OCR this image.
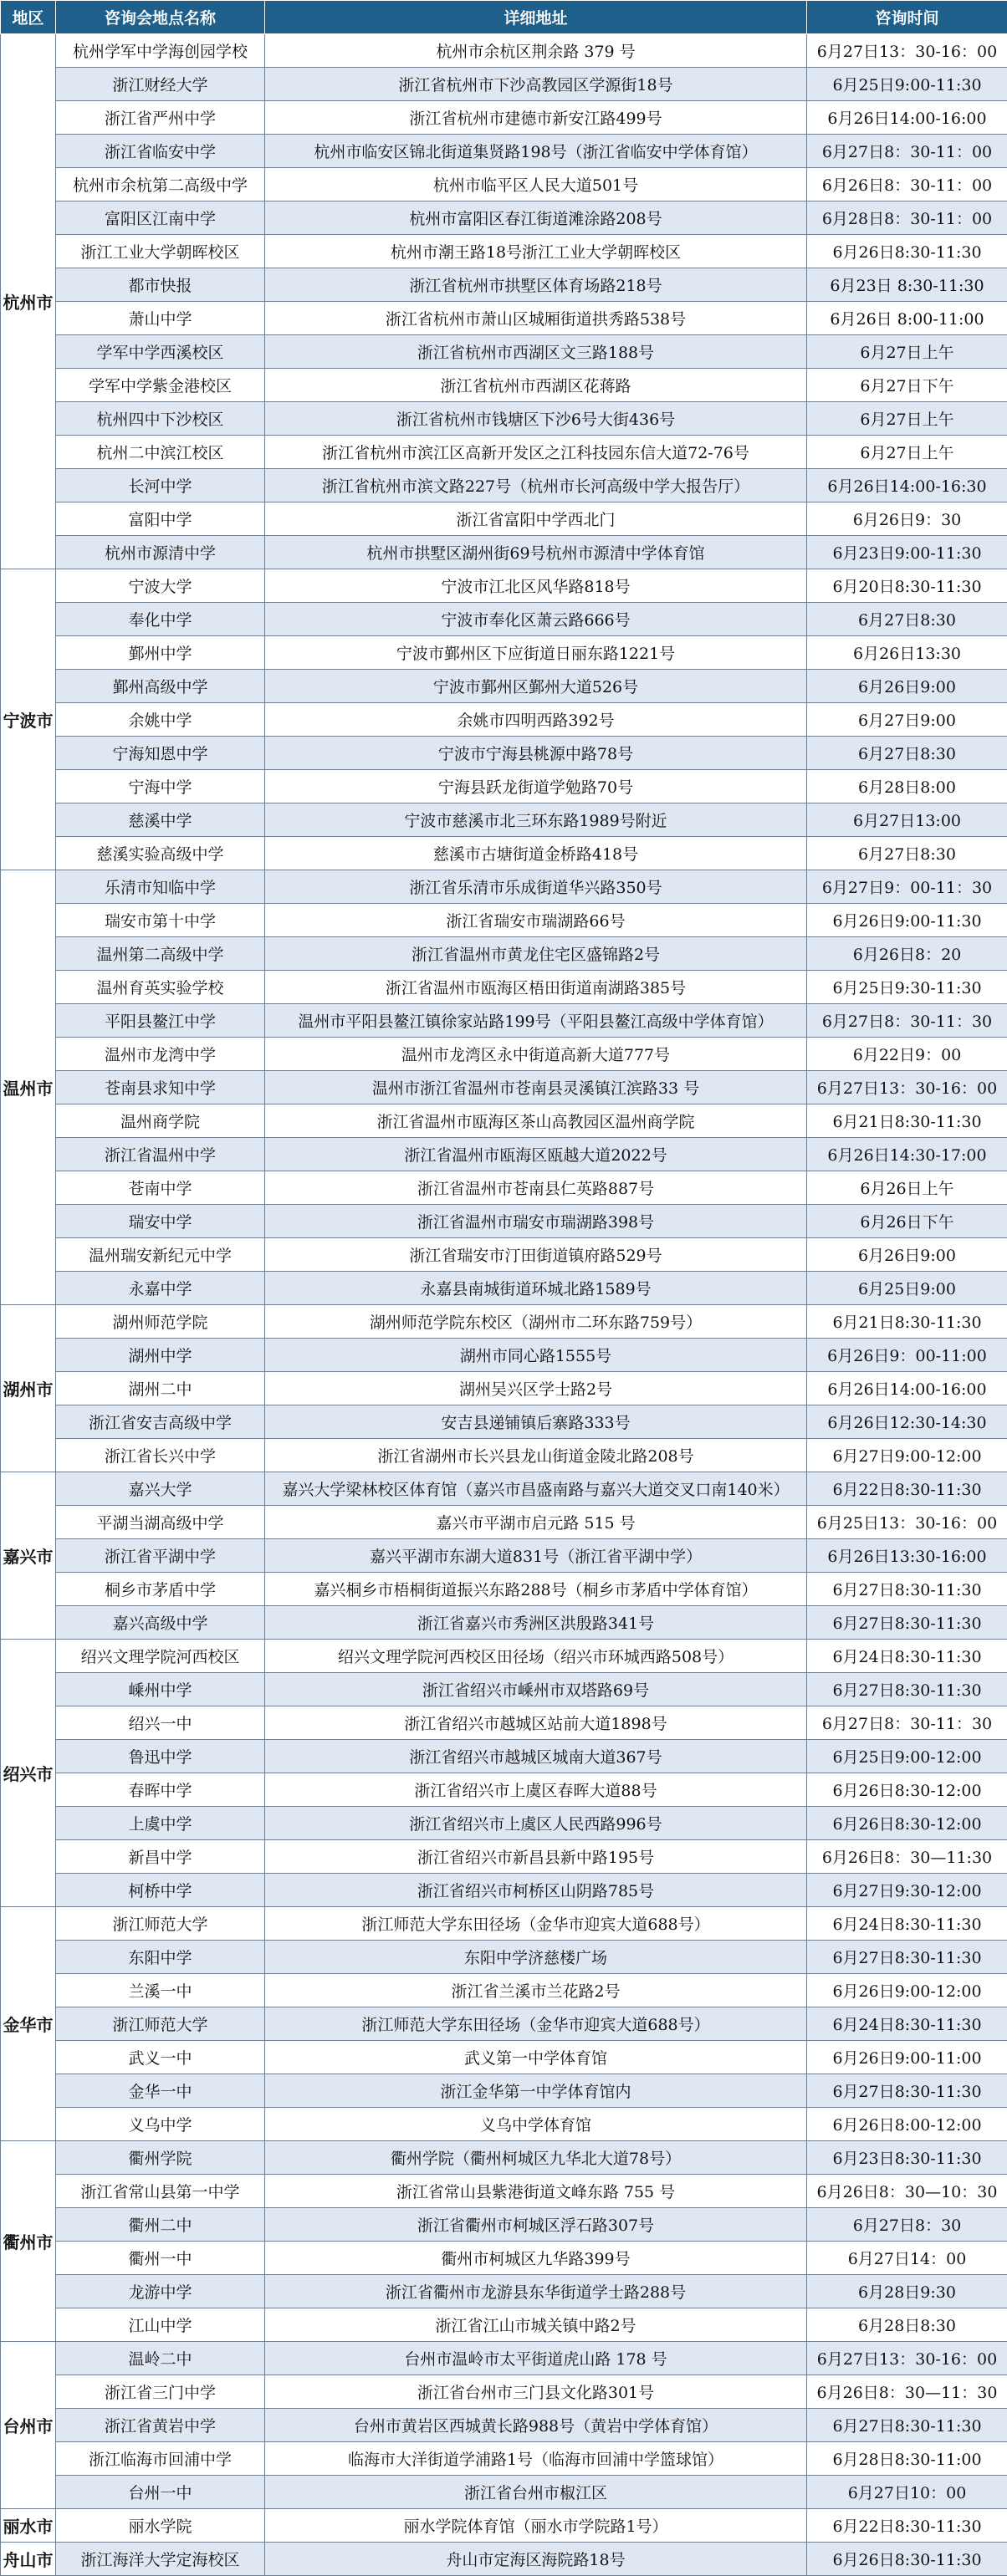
地区	咨询会地点名称	详细地址	咨询时间
杭州市	杭州学军中学海创园学校	杭州市余杭区荆余路 379 号	6月27日13：30-16：00
	浙江财经大学	浙江省杭州市下沙高教园区学源街18号	6月25日9:00-11:30
	浙江省严州中学	浙江省杭州市建德市新安江路499号	6月26日14:00-16:00
	浙江省临安中学	杭州市临安区锦北街道集贤路198号（浙江省临安中学体育馆）	6月27日8：30-11：00
	杭州市余杭第二高级中学	杭州市临平区人民大道501号	6月26日8：30-11：00
	富阳区江南中学	杭州市富阳区春江街道滩涂路208号	6月28日8：30-11：00
	浙江工业大学朝晖校区	杭州市潮王路18号浙江工业大学朝晖校区	6月26日8:30-11:30
	都市快报	浙江省杭州市拱墅区体育场路218号	6月23日 8:30-11:30
	萧山中学	浙江省杭州市萧山区城厢街道拱秀路538号	6月26日 8:00-11:00
	学军中学西溪校区	浙江省杭州市西湖区文三路188号	6月27日上午
	学军中学紫金港校区	浙江省杭州市西湖区花蒋路	6月27日下午
	杭州四中下沙校区	浙江省杭州市钱塘区下沙6号大街436号	6月27日上午
	杭州二中滨江校区	浙江省杭州市滨江区高新开发区之江科技园东信大道72-76号	6月27日上午
	长河中学	浙江省杭州市滨文路227号（杭州市长河高级中学大报告厅）	6月26日14:00-16:30
	富阳中学	浙江省富阳中学西北门	6月26日9：30
	杭州市源清中学	杭州市拱墅区湖州街69号杭州市源清中学体育馆	6月23日9:00-11:30
宁波市	宁波大学	宁波市江北区风华路818号	6月20日8:30-11:30
	奉化中学	宁波市奉化区萧云路666号	6月27日8:30
	鄞州中学	宁波市鄞州区下应街道日丽东路1221号	6月26日13:30
	鄞州高级中学	宁波市鄞州区鄞州大道526号	6月26日9:00
	余姚中学	余姚市四明西路392号	6月27日9:00
	宁海知恩中学	宁波市宁海县桃源中路78号	6月27日8:30
	宁海中学	宁海县跃龙街道学勉路70号	6月28日8:00
	慈溪中学	宁波市慈溪市北三环东路1989号附近	6月27日13:00
	慈溪实验高级中学	慈溪市古塘街道金桥路418号	6月27日8:30
温州市	乐清市知临中学	浙江省乐清市乐成街道华兴路350号	6月27日9：00-11：30
	瑞安市第十中学	浙江省瑞安市瑞湖路66号	6月26日9:00-11:30
	温州第二高级中学	浙江省温州市黄龙住宅区盛锦路2号	6月26日8：20
	温州育英实验学校	浙江省温州市瓯海区梧田街道南湖路385号	6月25日9:30-11:30
	平阳县鳌江中学	温州市平阳县鳌江镇徐家站路199号（平阳县鳌江高级中学体育馆）	6月27日8：30-11：30
	温州市龙湾中学	温州市龙湾区永中街道高新大道777号	6月22日9：00
	苍南县求知中学	温州市浙江省温州市苍南县灵溪镇江滨路33 号	6月27日13：30-16：00
	温州商学院	浙江省温州市瓯海区茶山高教园区温州商学院	6月21日8:30-11:30
	浙江省温州中学	浙江省温州市瓯海区瓯越大道2022号	6月26日14:30-17:00
	苍南中学	浙江省温州市苍南县仁英路887号	6月26日上午
	瑞安中学	浙江省温州市瑞安市瑞湖路398号	6月26日下午
	温州瑞安新纪元中学	浙江省瑞安市汀田街道镇府路529号	6月26日9:00
	永嘉中学	永嘉县南城街道环城北路1589号	6月25日9:00
湖州市	湖州师范学院	湖州师范学院东校区（湖州市二环东路759号）	6月21日8:30-11:30
	湖州中学	湖州市同心路1555号	6月26日9：00-11:00
	湖州二中	湖州吴兴区学士路2号	6月26日14:00-16:00
	浙江省安吉高级中学	安吉县递铺镇后寨路333号	6月26日12:30-14:30
	浙江省长兴中学	浙江省湖州市长兴县龙山街道金陵北路208号	6月27日9:00-12:00
嘉兴市	嘉兴大学	嘉兴大学梁林校区体育馆（嘉兴市昌盛南路与嘉兴大道交叉口南140米）	6月22日8:30-11:30
	平湖当湖高级中学	嘉兴市平湖市启元路 515 号	6月25日13：30-16：00
	浙江省平湖中学	嘉兴平湖市东湖大道831号（浙江省平湖中学）	6月26日13:30-16:00
	桐乡市茅盾中学	嘉兴桐乡市梧桐街道振兴东路288号（桐乡市茅盾中学体育馆）	6月27日8:30-11:30
	嘉兴高级中学	浙江省嘉兴市秀洲区洪殷路341号	6月27日8:30-11:30
绍兴市	绍兴文理学院河西校区	绍兴文理学院河西校区田径场（绍兴市环城西路508号）	6月24日8:30-11:30
	嵊州中学	浙江省绍兴市嵊州市双塔路69号	6月27日8:30-11:30
	绍兴一中	浙江省绍兴市越城区站前大道1898号	6月27日8：30-11：30
	鲁迅中学	浙江省绍兴市越城区城南大道367号	6月25日9:00-12:00
	春晖中学	浙江省绍兴市上虞区春晖大道88号	6月26日8:30-12:00
	上虞中学	浙江省绍兴市上虞区人民西路996号	6月26日8:30-12:00
	新昌中学	浙江省绍兴市新昌县新中路195号	6月26日8：30—11:30
	柯桥中学	浙江省绍兴市柯桥区山阴路785号	6月27日9:30-12:00
金华市	浙江师范大学	浙江师范大学东田径场（金华市迎宾大道688号）	6月24日8:30-11:30
	东阳中学	东阳中学济慈楼广场	6月27日8:30-11:30
	兰溪一中	浙江省兰溪市兰花路2号	6月26日9:00-12:00
	浙江师范大学	浙江师范大学东田径场（金华市迎宾大道688号）	6月24日8:30-11:30
	武义一中	武义第一中学体育馆	6月26日9:00-11:00
	金华一中	浙江金华第一中学体育馆内	6月27日8:30-11:30
	义乌中学	义乌中学体育馆	6月26日8:00-12:00
衢州市	衢州学院	衢州学院（衢州柯城区九华北大道78号）	6月23日8:30-11:30
	浙江省常山县第一中学	浙江省常山县紫港街道文峰东路 755 号	6月26日8：30—10：30
	衢州二中	浙江省衢州市柯城区浮石路307号	6月27日8：30
	衢州一中	衢州市柯城区九华路399号	6月27日14：00
	龙游中学	浙江省衢州市龙游县东华街道学士路288号	6月28日9:30
	江山中学	浙江省江山市城关镇中路2号	6月28日8:30
台州市	温岭二中	台州市温岭市太平街道虎山路 178 号	6月27日13：30-16：00
	浙江省三门中学	浙江省台州市三门县文化路301号	6月26日8：30—11：30
	浙江省黄岩中学	台州市黄岩区西城黄长路988号（黄岩中学体育馆）	6月27日8:30-11:30
	浙江临海市回浦中学	临海市大洋街道学浦路1号（临海市回浦中学篮球馆）	6月28日8:30-11:00
	台州一中	浙江省台州市椒江区	6月27日10：00
丽水市	丽水学院	丽水学院体育馆（丽水市学院路1号）	6月22日8:30-11:30
舟山市	浙江海洋大学定海校区	舟山市定海区海院路18号	6月26日8:30-11:30
